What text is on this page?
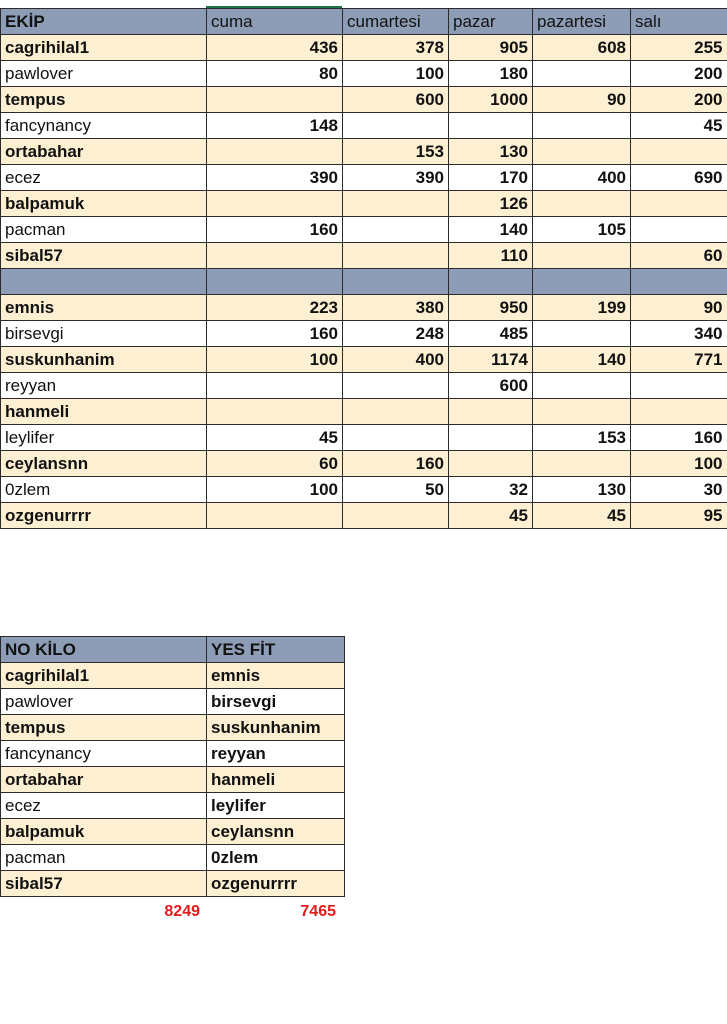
EKİP	cuma	cumartesi	pazar	pazartesi	salı
cagrihilal1	436	378	905	608	255
pawlover	80	100	180		200
tempus		600	1000	90	200
fancynancy	148				45
ortabahar		153	130		
ecez	390	390	170	400	690
balpamuk			126		
pacman	160		140	105	
sibal57			110		60

emnis	223	380	950	199	90
birsevgi	160	248	485		340
suskunhanim	100	400	1174	140	771
reyyan			600		
hanmeli					
leylifer	45			153	160
ceylansnn	60	160			100
0zlem	100	50	32	130	30
ozgenurrrr			45	45	95
NO KİLO	YES FİT
cagrihilal1	emnis
pawlover	birsevgi
tempus	suskunhanim
fancynancy	reyyan
ortabahar	hanmeli
ecez	leylifer
balpamuk	ceylansnn
pacman	0zlem
sibal57	ozgenurrrr
8249	7465
